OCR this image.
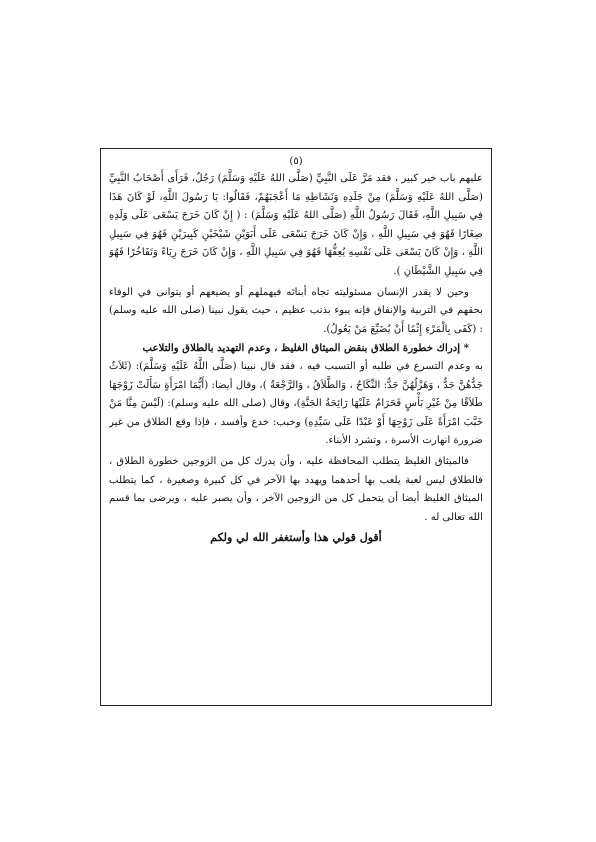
(٥)

عليهم باب خير كبير ، فقد مَرَّ عَلَى النَّبِيِّ (صَلَّى اللهُ عَلَيْهِ وَسَلَّمَ) رَجُلٌ، فَرَأَى أَصْحَابُ النَّبِيِّ (صَلَّى اللهُ عَلَيْهِ وَسَلَّمَ) مِنْ جَلَدِهِ وَنَشَاطِهِ مَا أَعْجَبَهُمْ، فَقَالُوا: يَا رَسُولَ اللَّهِ، لَوْ كَانَ هَذَا فِي سَبِيلِ اللَّهِ، فَقَالَ رَسُولُ اللَّهِ (صَلَّى اللهُ عَلَيْهِ وَسَلَّمَ) : ( إِنْ كَانَ خَرَجَ يَسْعَى عَلَى وَلَدِهِ صِغَارًا فَهُوَ فِي سَبِيلِ اللَّهِ ، وَإِنْ كَانَ خَرَجَ يَسْعَى عَلَى أَبَوَيْنِ شَيْخَيْنِ كَبِيرَيْنِ فَهُوَ فِي سَبِيلِ اللَّهِ ، وَإِنْ كَانَ يَسْعَى عَلَى نَفْسِهِ يُعِفُّهَا فَهُوَ فِي سَبِيلِ اللَّهِ ، وَإِنْ كَانَ خَرَجَ رِيَاءً وَتَفَاخُرًا فَهُوَ فِي سَبِيلِ الشَّيْطَانِ ).

وحين لا يقدر الإنسان مسئوليته تجاه أبنائه فيهملهم أو يضيعهم أو يتوانى في الوفاء بحقهم في التربية والإنفاق فإنه يبوء بذنب عظيم ، حيث يقول نبينا (صلى الله عليه وسلم) : (كَفَى بِالْمَرْءِ إِثْمًا أَنْ يُضَيِّعَ مَنْ يَعُولُ).

* إدراك خطورة الطلاق بنقض الميثاق الغليظ ، وعدم التهديد بالطلاق والتلاعب

به وعدم التسرع في طلبه أو التسبب فيه ، فقد قال نبينا (صَلَّى اللَّهُ عَلَيْهِ وَسَلَّمَ): (ثَلاَثٌ جَدُّهُنَّ جَدٌّ ، وَهَزْلُهُنَّ جَدٌّ: النِّكَاحُ ، وَالطَّلاَقُ ، وَالرَّجْعَةُ )، وقال أيضا: (أَيُّمَا امْرَأَةٍ سَأَلَتْ زَوْجَهَا طَلاَقًا مِنْ غَيْرِ بَأْسٍ فَحَرَامٌ عَلَيْهَا رَائِحَةُ الجَنَّةِ)، وقال (صلى الله عليه وسلم): (لَيْسَ مِنَّا مَنْ خَبَّبَ امْرَأَةً عَلَى زَوْجِهَا أَوْ عَبْدًا عَلَى سَيِّدِهِ) وخبب: خدع وأفسد ، فإذا وقع الطلاق من غير ضرورة انهارت الأسرة ، وتشرد الأبناء.

فالميثاق الغليظ يتطلب المحافظة عليه ، وأن يدرك كل من الزوجين خطورة الطلاق ، فالطلاق ليس لعبة يلعب بها أحدهما ويهدد بها الآخر في كل كبيرة وصغيرة ، كما يتطلب الميثاق الغليظ أيضا أن يتحمل كل من الزوجين الآخر ، وأن يصبر عليه ، ويرضى بما قسم الله تعالى له .

أقول قولي هذا وأستغفر الله لي ولكم
